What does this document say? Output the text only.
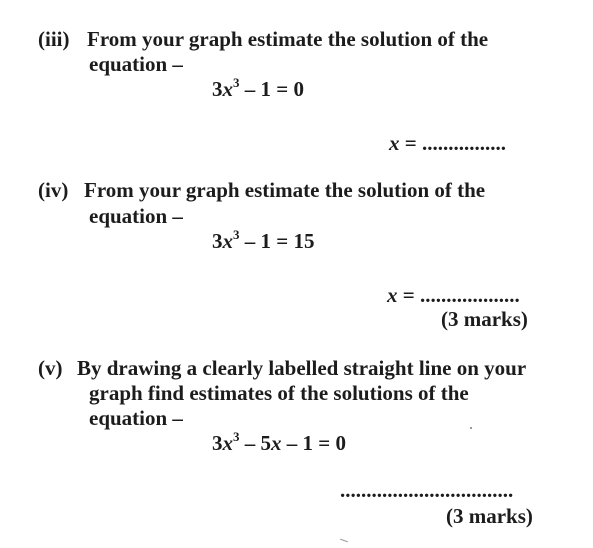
(iii) From your graph estimate the solution of the
equation –
$3x^3 - 1 = 0$
x = ................
(iv) From your graph estimate the solution of the
equation –
$3x^3 - 1 = 15$
x = ...................
(3 marks)
(v) By drawing a clearly labelled straight line on your
graph find estimates of the solutions of the
equation –
$3x^3 - 5x - 1 = 0$
.................................
(3 marks)
